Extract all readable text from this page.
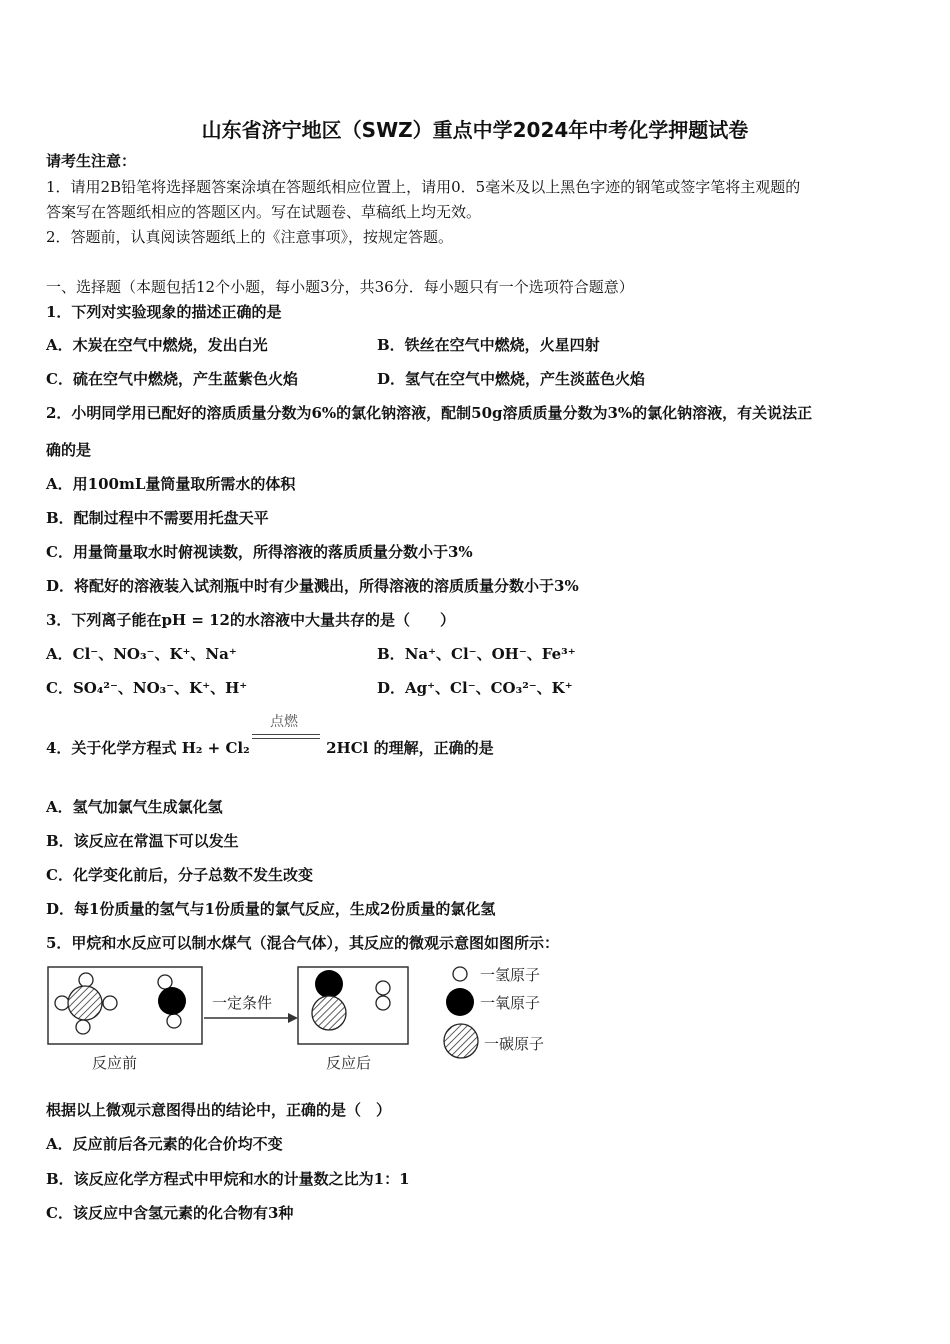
山东省济宁地区（SWZ）重点中学2024年中考化学押题试卷
请考生注意：
1．请用2B铅笔将选择题答案涂填在答题纸相应位置上，请用0．5毫米及以上黑色字迹的钢笔或签字笔将主观题的
答案写在答题纸相应的答题区内。写在试题卷、草稿纸上均无效。
2．答题前，认真阅读答题纸上的《注意事项》，按规定答题。
一、选择题（本题包括12个小题，每小题3分，共36分．每小题只有一个选项符合题意）
1．下列对实验现象的描述正确的是
A．木炭在空气中燃烧，发出白光	B．铁丝在空气中燃烧，火星四射
C．硫在空气中燃烧，产生蓝紫色火焰	D．氢气在空气中燃烧，产生淡蓝色火焰
2．小明同学用已配好的溶质质量分数为6%的氯化钠溶液，配制50g溶质质量分数为3%的氯化钠溶液，有关说法正
确的是
A．用100mL量筒量取所需水的体积
B．配制过程中不需要用托盘天平
C．用量筒量取水时俯视读数，所得溶液的落质质量分数小于3%
D．将配好的溶液装入试剂瓶中时有少量溅出，所得溶液的溶质质量分数小于3%
3．下列离子能在pH = 12的水溶液中大量共存的是（　　）
A．Cl⁻、NO₃⁻、K⁺、Na⁺	B．Na⁺、Cl⁻、OH⁻、Fe³⁺
C．SO₄²⁻、NO₃⁻、K⁺、H⁺	D．Ag⁺、Cl⁻、CO₃²⁻、K⁺
4．关于化学方程式 H₂ + Cl₂	2HCl 的理解，正确的是
点燃
A．氢气加氯气生成氯化氢
B．该反应在常温下可以发生
C．化学变化前后，分子总数不发生改变
D．每1份质量的氢气与1份质量的氯气反应，生成2份质量的氯化氢
5．甲烷和水反应可以制水煤气（混合气体），其反应的微观示意图如图所示：
一定条件
反应前	反应后
一氢原子
一氧原子
一碳原子
根据以上微观示意图得出的结论中，正确的是（　）
A．反应前后各元素的化合价均不变
B．该反应化学方程式中甲烷和水的计量数之比为1：1
C．该反应中含氢元素的化合物有3种
